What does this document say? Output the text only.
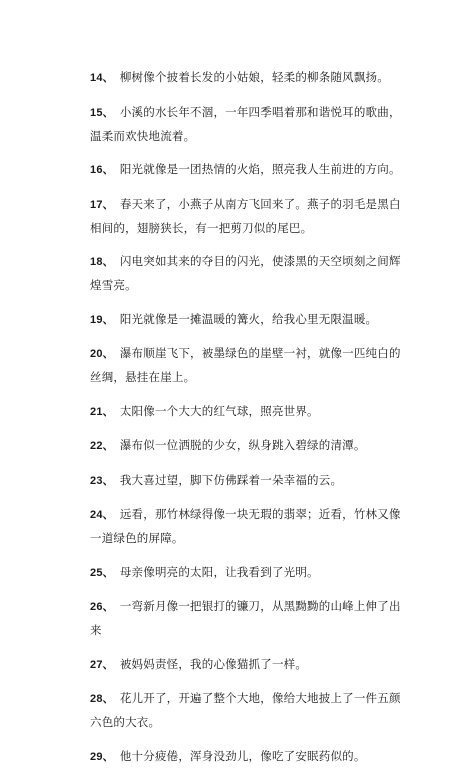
14、 柳树像个披着长发的小姑娘，轻柔的柳条随风飘扬。

15、 小溪的水长年不涸，一年四季唱着那和谐悦耳的歌曲，温柔而欢快地流着。

16、 阳光就像是一团热情的火焰，照亮我人生前进的方向。

17、 春天来了，小燕子从南方飞回来了。燕子的羽毛是黑白相间的，翅膀狭长，有一把剪刀似的尾巴。

18、 闪电突如其来的夺目的闪光，使漆黑的天空顷刻之间辉煌雪亮。

19、 阳光就像是一摊温暖的篝火，给我心里无限温暖。

20、 瀑布顺崖飞下，被墨绿色的崖壁一衬，就像一匹纯白的丝绸，悬挂在崖上。

21、 太阳像一个大大的红气球，照亮世界。

22、 瀑布似一位洒脱的少女，纵身跳入碧绿的清潭。

23、 我大喜过望，脚下仿佛踩着一朵幸福的云。

24、 远看，那竹林绿得像一块无瑕的翡翠；近看，竹林又像一道绿色的屏障。

25、 母亲像明亮的太阳，让我看到了光明。

26、 一弯新月像一把银打的镰刀，从黑黝黝的山峰上伸了出来

27、 被妈妈责怪，我的心像猫抓了一样。

28、 花儿开了，开遍了整个大地，像给大地披上了一件五颜六色的大衣。

29、 他十分疲倦，浑身没劲儿，像吃了安眠药似的。
